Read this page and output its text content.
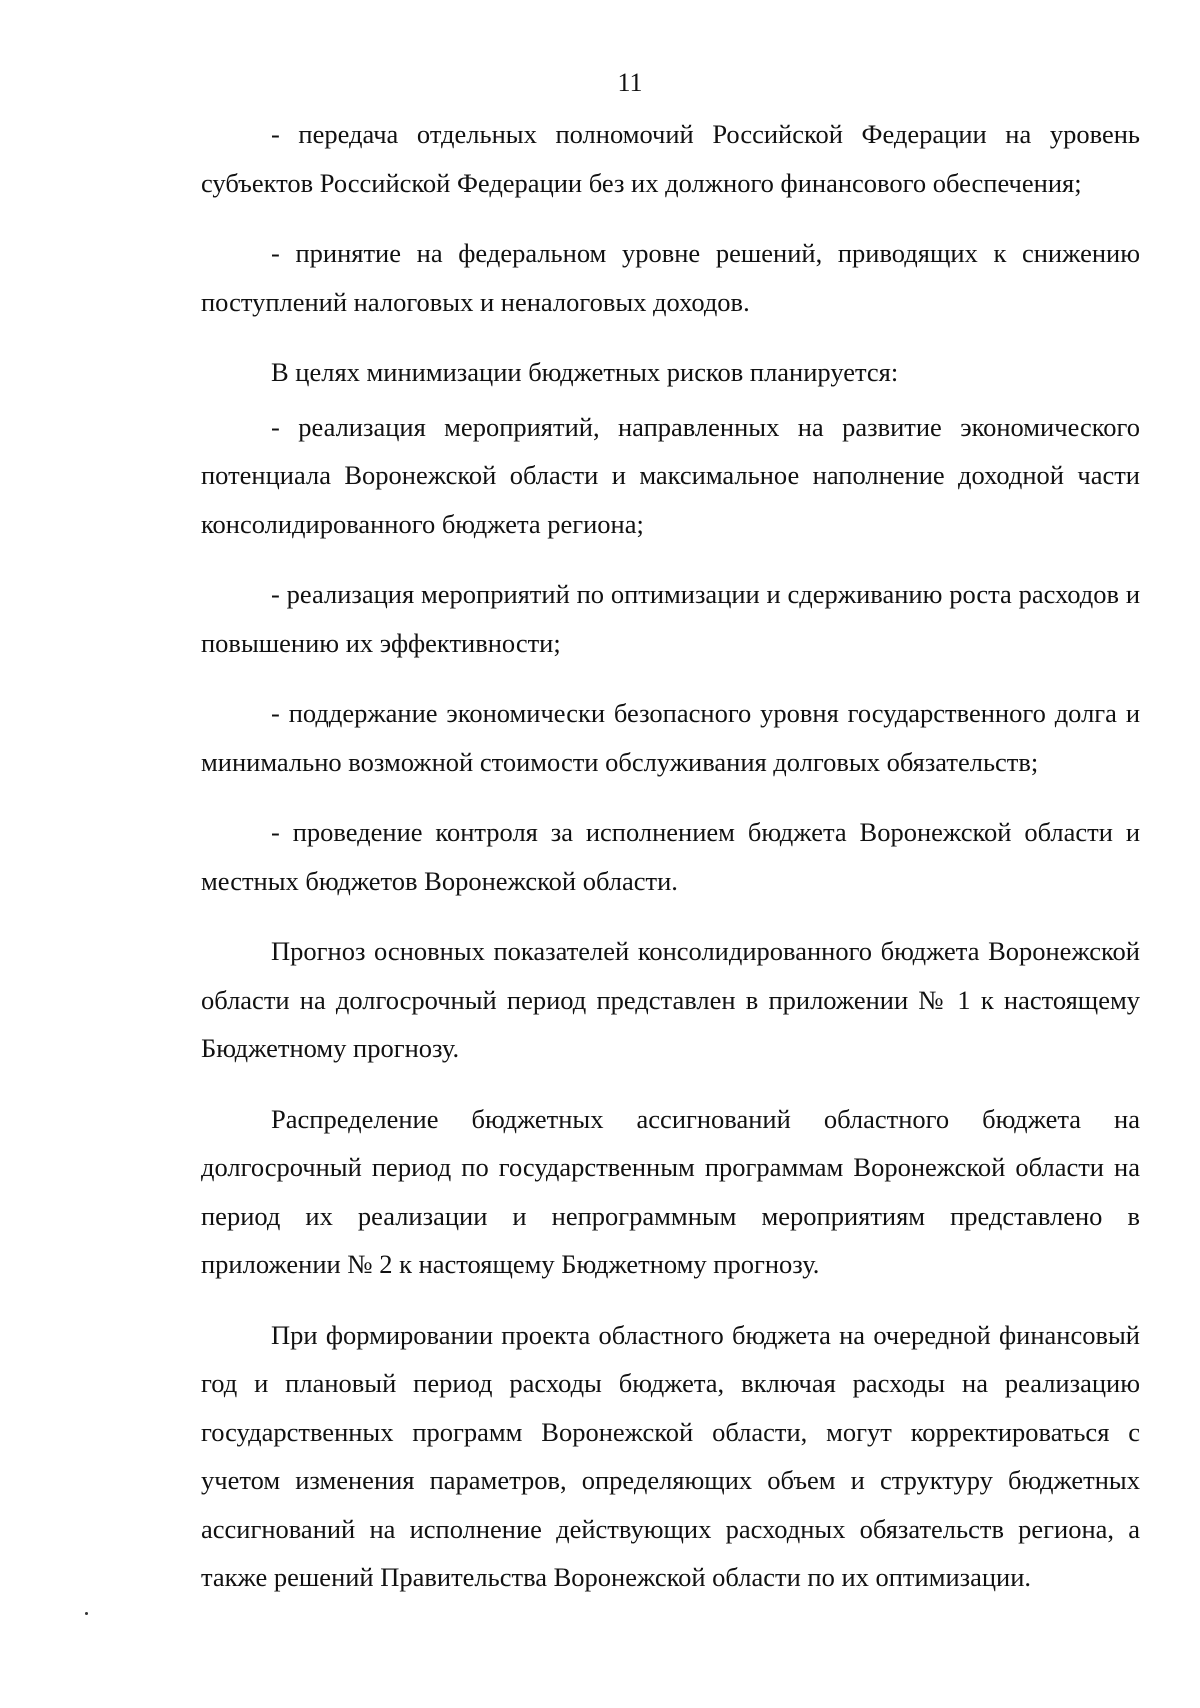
11

- передача отдельных полномочий Российской Федерации на уровень субъектов Российской Федерации без их должного финансового обеспечения;

- принятие на федеральном уровне решений, приводящих к снижению поступлений налоговых и неналоговых доходов.

В целях минимизации бюджетных рисков планируется:

- реализация мероприятий, направленных на развитие экономического потенциала Воронежской области и максимальное наполнение доходной части консолидированного бюджета региона;

- реализация мероприятий по оптимизации и сдерживанию роста расходов и повышению их эффективности;

- поддержание экономически безопасного уровня государственного долга и минимально возможной стоимости обслуживания долговых обязательств;

- проведение контроля за исполнением бюджета Воронежской области и местных бюджетов Воронежской области.

Прогноз основных показателей консолидированного бюджета Воронежской области на долгосрочный период представлен в приложении № 1 к настоящему Бюджетному прогнозу.

Распределение бюджетных ассигнований областного бюджета на долгосрочный период по государственным программам Воронежской области на период их реализации и непрограммным мероприятиям представлено в приложении № 2 к настоящему Бюджетному прогнозу.

При формировании проекта областного бюджета на очередной финансовый год и плановый период расходы бюджета, включая расходы на реализацию государственных программ Воронежской области, могут корректироваться с учетом изменения параметров, определяющих объем и структуру бюджетных ассигнований на исполнение действующих расходных обязательств региона, а также решений Правительства Воронежской области по их оптимизации.
